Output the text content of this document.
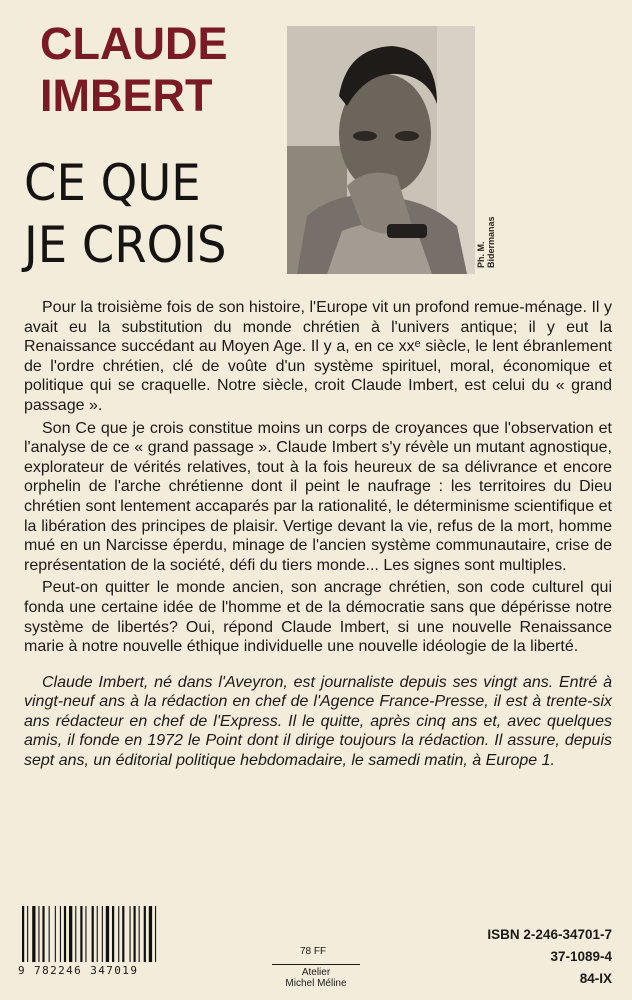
CLAUDE
IMBERT
CE QUE
JE CROIS	Ph. M. Bidermanas

Pour la troisième fois de son histoire, l'Europe vit un profond remue-ménage. Il y avait eu la substitution du monde chrétien à l'univers antique; il y eut la Renaissance succédant au Moyen Age. Il y a, en ce xxᵉ siècle, le lent ébranlement de l'ordre chrétien, clé de voûte d'un système spirituel, moral, économique et politique qui se craquelle. Notre siècle, croit Claude Imbert, est celui du « grand passage ».

Son Ce que je crois constitue moins un corps de croyances que l'observation et l'analyse de ce « grand passage ». Claude Imbert s'y révèle un mutant agnostique, explorateur de vérités relatives, tout à la fois heureux de sa délivrance et encore orphelin de l'arche chrétienne dont il peint le naufrage : les territoires du Dieu chrétien sont lentement accaparés par la rationalité, le déterminisme scientifique et la libération des principes de plaisir. Vertige devant la vie, refus de la mort, homme mué en un Narcisse éperdu, minage de l'ancien système communautaire, crise de représentation de la société, défi du tiers monde... Les signes sont multiples.

Peut-on quitter le monde ancien, son ancrage chrétien, son code culturel qui fonda une certaine idée de l'homme et de la démocratie sans que dépérisse notre système de libertés? Oui, répond Claude Imbert, si une nouvelle Renaissance marie à notre nouvelle éthique individuelle une nouvelle idéologie de la liberté.

Claude Imbert, né dans l'Aveyron, est journaliste depuis ses vingt ans. Entré à vingt-neuf ans à la rédaction en chef de l'Agence France-Presse, il est à trente-six ans rédacteur en chef de l'Express. Il le quitte, après cinq ans et, avec quelques amis, il fonde en 1972 le Point dont il dirige toujours la rédaction. Il assure, depuis sept ans, un éditorial politique hebdomadaire, le samedi matin, à Europe 1.

9 782246 347019
78 FF
Atelier
Michel Méline
ISBN 2-246-34701-7
37-1089-4
84-IX
